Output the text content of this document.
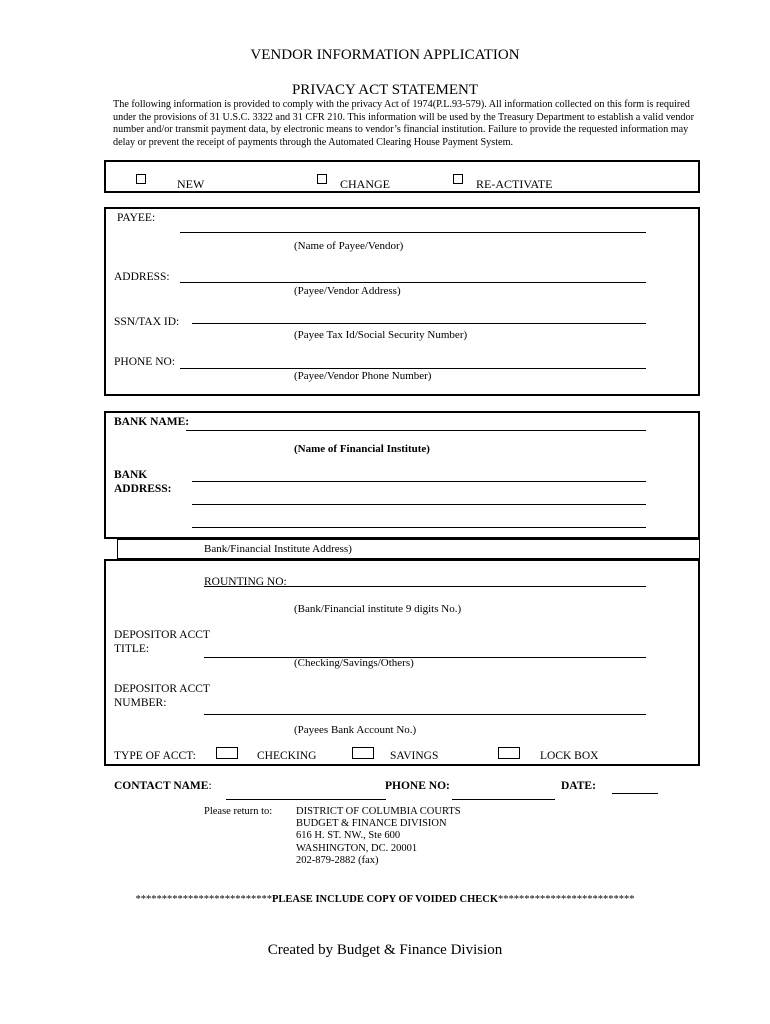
VENDOR INFORMATION APPLICATION
PRIVACY ACT STATEMENT
The following information is provided to comply with the privacy Act of 1974(P.L.93-579). All information collected on this form is required under the provisions of 31 U.S.C. 3322 and 31 CFR 210. This information will be used by the Treasury Department to establish a valid vendor number and/or transmit payment data, by electronic means to vendor’s financial institution. Failure to provide the requested information may delay or prevent the receipt of payments through the Automated Clearing House Payment System.
NEW	CHANGE	RE-ACTIVATE
PAYEE:
(Name of Payee/Vendor)
ADDRESS:
(Payee/Vendor Address)
SSN/TAX ID:
(Payee Tax Id/Social Security Number)
PHONE NO:
(Payee/Vendor Phone Number)
BANK NAME:
(Name of Financial Institute)
BANK
ADDRESS:
Bank/Financial Institute Address)
ROUNTING NO:
(Bank/Financial institute 9 digits No.)
DEPOSITOR ACCT
TITLE:
(Checking/Savings/Others)
DEPOSITOR ACCT
NUMBER:
(Payees Bank Account No.)
TYPE OF ACCT:	CHECKING	SAVINGS	LOCK BOX
CONTACT NAME:	PHONE NO:	DATE:
Please return to: DISTRICT OF COLUMBIA COURTS
BUDGET & FINANCE DIVISION
616 H. ST. NW., Ste 600
WASHINGTON, DC. 20001
202-879-2882 (fax)
**************************PLEASE INCLUDE COPY OF VOIDED CHECK**************************
Created by Budget & Finance Division
